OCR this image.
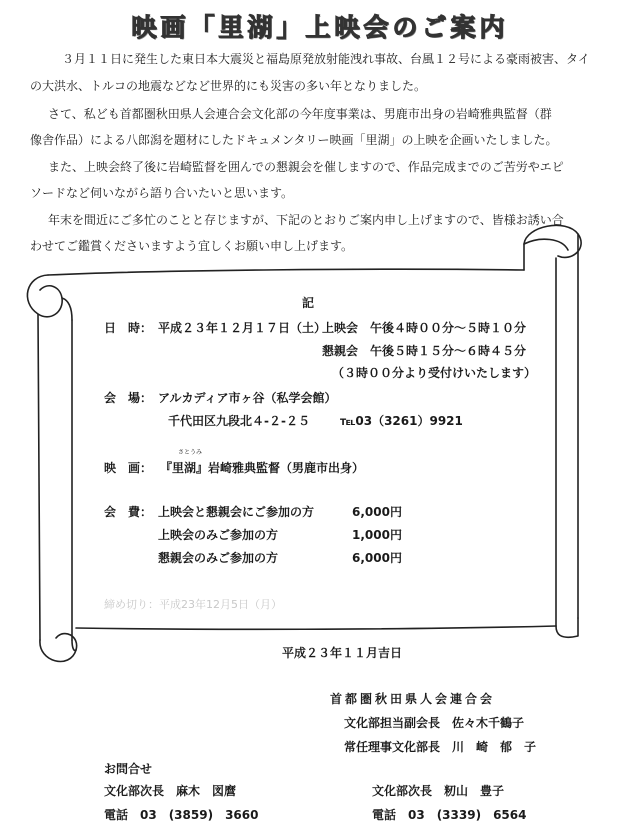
映画「里湖」上映会のご案内
３月１１日に発生した東日本大震災と福島原発放射能洩れ事故、台風１２号による豪雨被害、タイ
の大洪水、トルコの地震などなど世界的にも災害の多い年となりました。
さて、私ども首都圏秋田県人会連合会文化部の今年度事業は、男鹿市出身の岩崎雅典監督（群
像舎作品）による八郎潟を題材にしたドキュメンタリー映画「里湖」の上映を企画いたしました。
また、上映会終了後に岩崎監督を囲んでの懇親会を催しますので、作品完成までのご苦労やエピ
ソードなど伺いながら語り合いたいと思います。
年末を間近にご多忙のことと存じますが、下記のとおりご案内申し上げますので、皆様お誘い合
わせてご鑑賞くださいますよう宜しくお願い申し上げます。
記
日　時： 平成２３年１２月１７日（土）
上映会　午後４時００分～５時１０分
懇親会　午後５時１５分～６時４５分
（３時００分より受付けいたします）
会　場： アルカディア市ヶ谷（私学会館）
千代田区九段北４-２-２５	℡03（3261）9921
さとうみ
映　画： 『里湖』岩崎雅典監督（男鹿市出身）
会　費： 上映会と懇親会にご参加の方	6,000円
上映会のみご参加の方	1,000円
懇親会のみご参加の方	6,000円
締め切り：平成23年12月5日（月）
平成２３年１１月吉日
首都圏秋田県人会連合会
文化部担当副会長　佐々木千鶴子
常任理事文化部長　川　崎　郁　子
お問合せ
文化部次長　麻木　図麿
電話　03　(3859)　3660
文化部次長　籾山　豊子
電話　03　(3339)　6564
